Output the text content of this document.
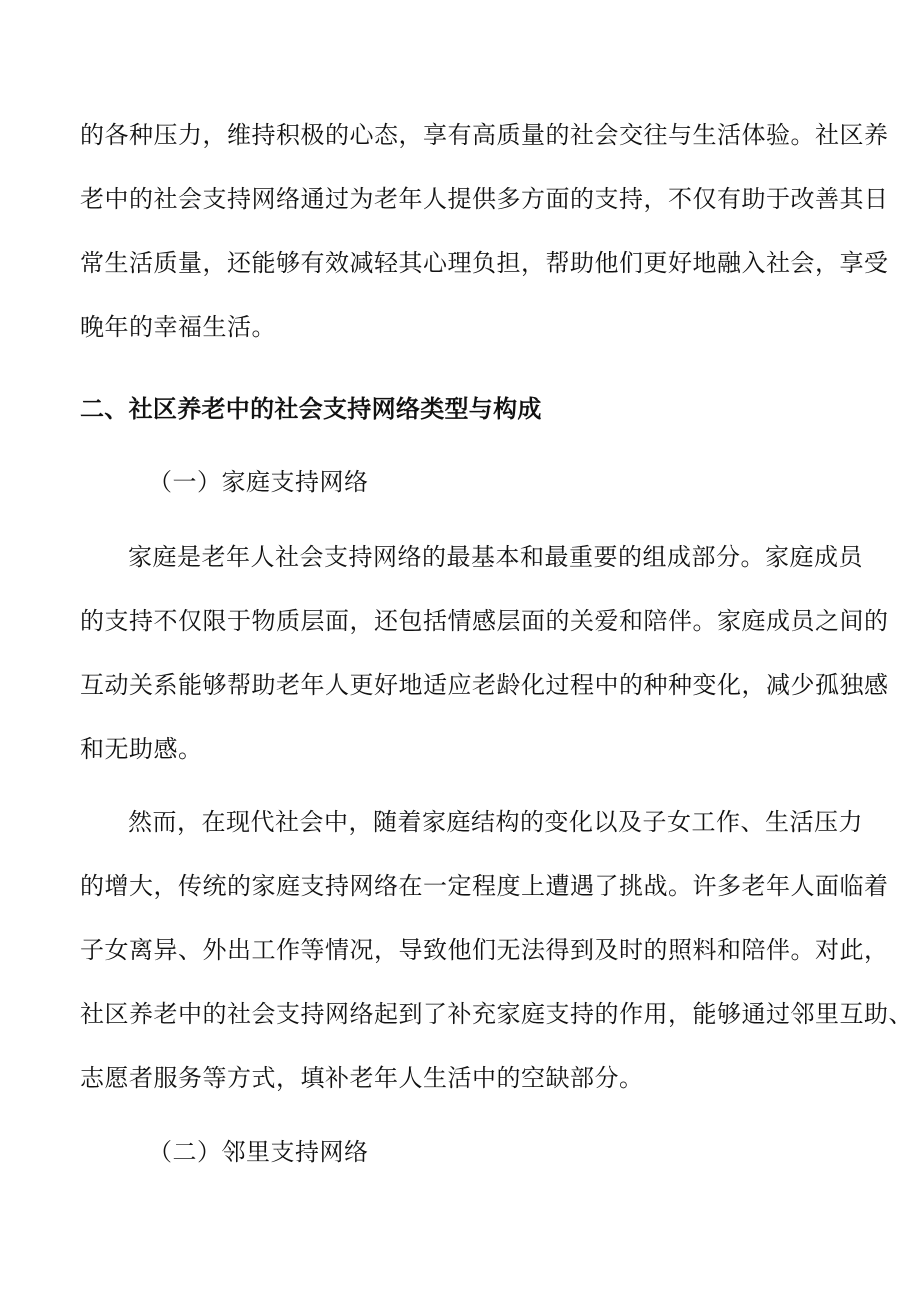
的各种压力，维持积极的心态，享有高质量的社会交往与生活体验。社区养
老中的社会支持网络通过为老年人提供多方面的支持，不仅有助于改善其日
常生活质量，还能够有效减轻其心理负担，帮助他们更好地融入社会，享受
晚年的幸福生活。
二、社区养老中的社会支持网络类型与构成
（一）家庭支持网络
家庭是老年人社会支持网络的最基本和最重要的组成部分。家庭成员
的支持不仅限于物质层面，还包括情感层面的关爱和陪伴。家庭成员之间的
互动关系能够帮助老年人更好地适应老龄化过程中的种种变化，减少孤独感
和无助感。
然而，在现代社会中，随着家庭结构的变化以及子女工作、生活压力
的增大，传统的家庭支持网络在一定程度上遭遇了挑战。许多老年人面临着
子女离异、外出工作等情况，导致他们无法得到及时的照料和陪伴。对此，
社区养老中的社会支持网络起到了补充家庭支持的作用，能够通过邻里互助、
志愿者服务等方式，填补老年人生活中的空缺部分。
（二）邻里支持网络
